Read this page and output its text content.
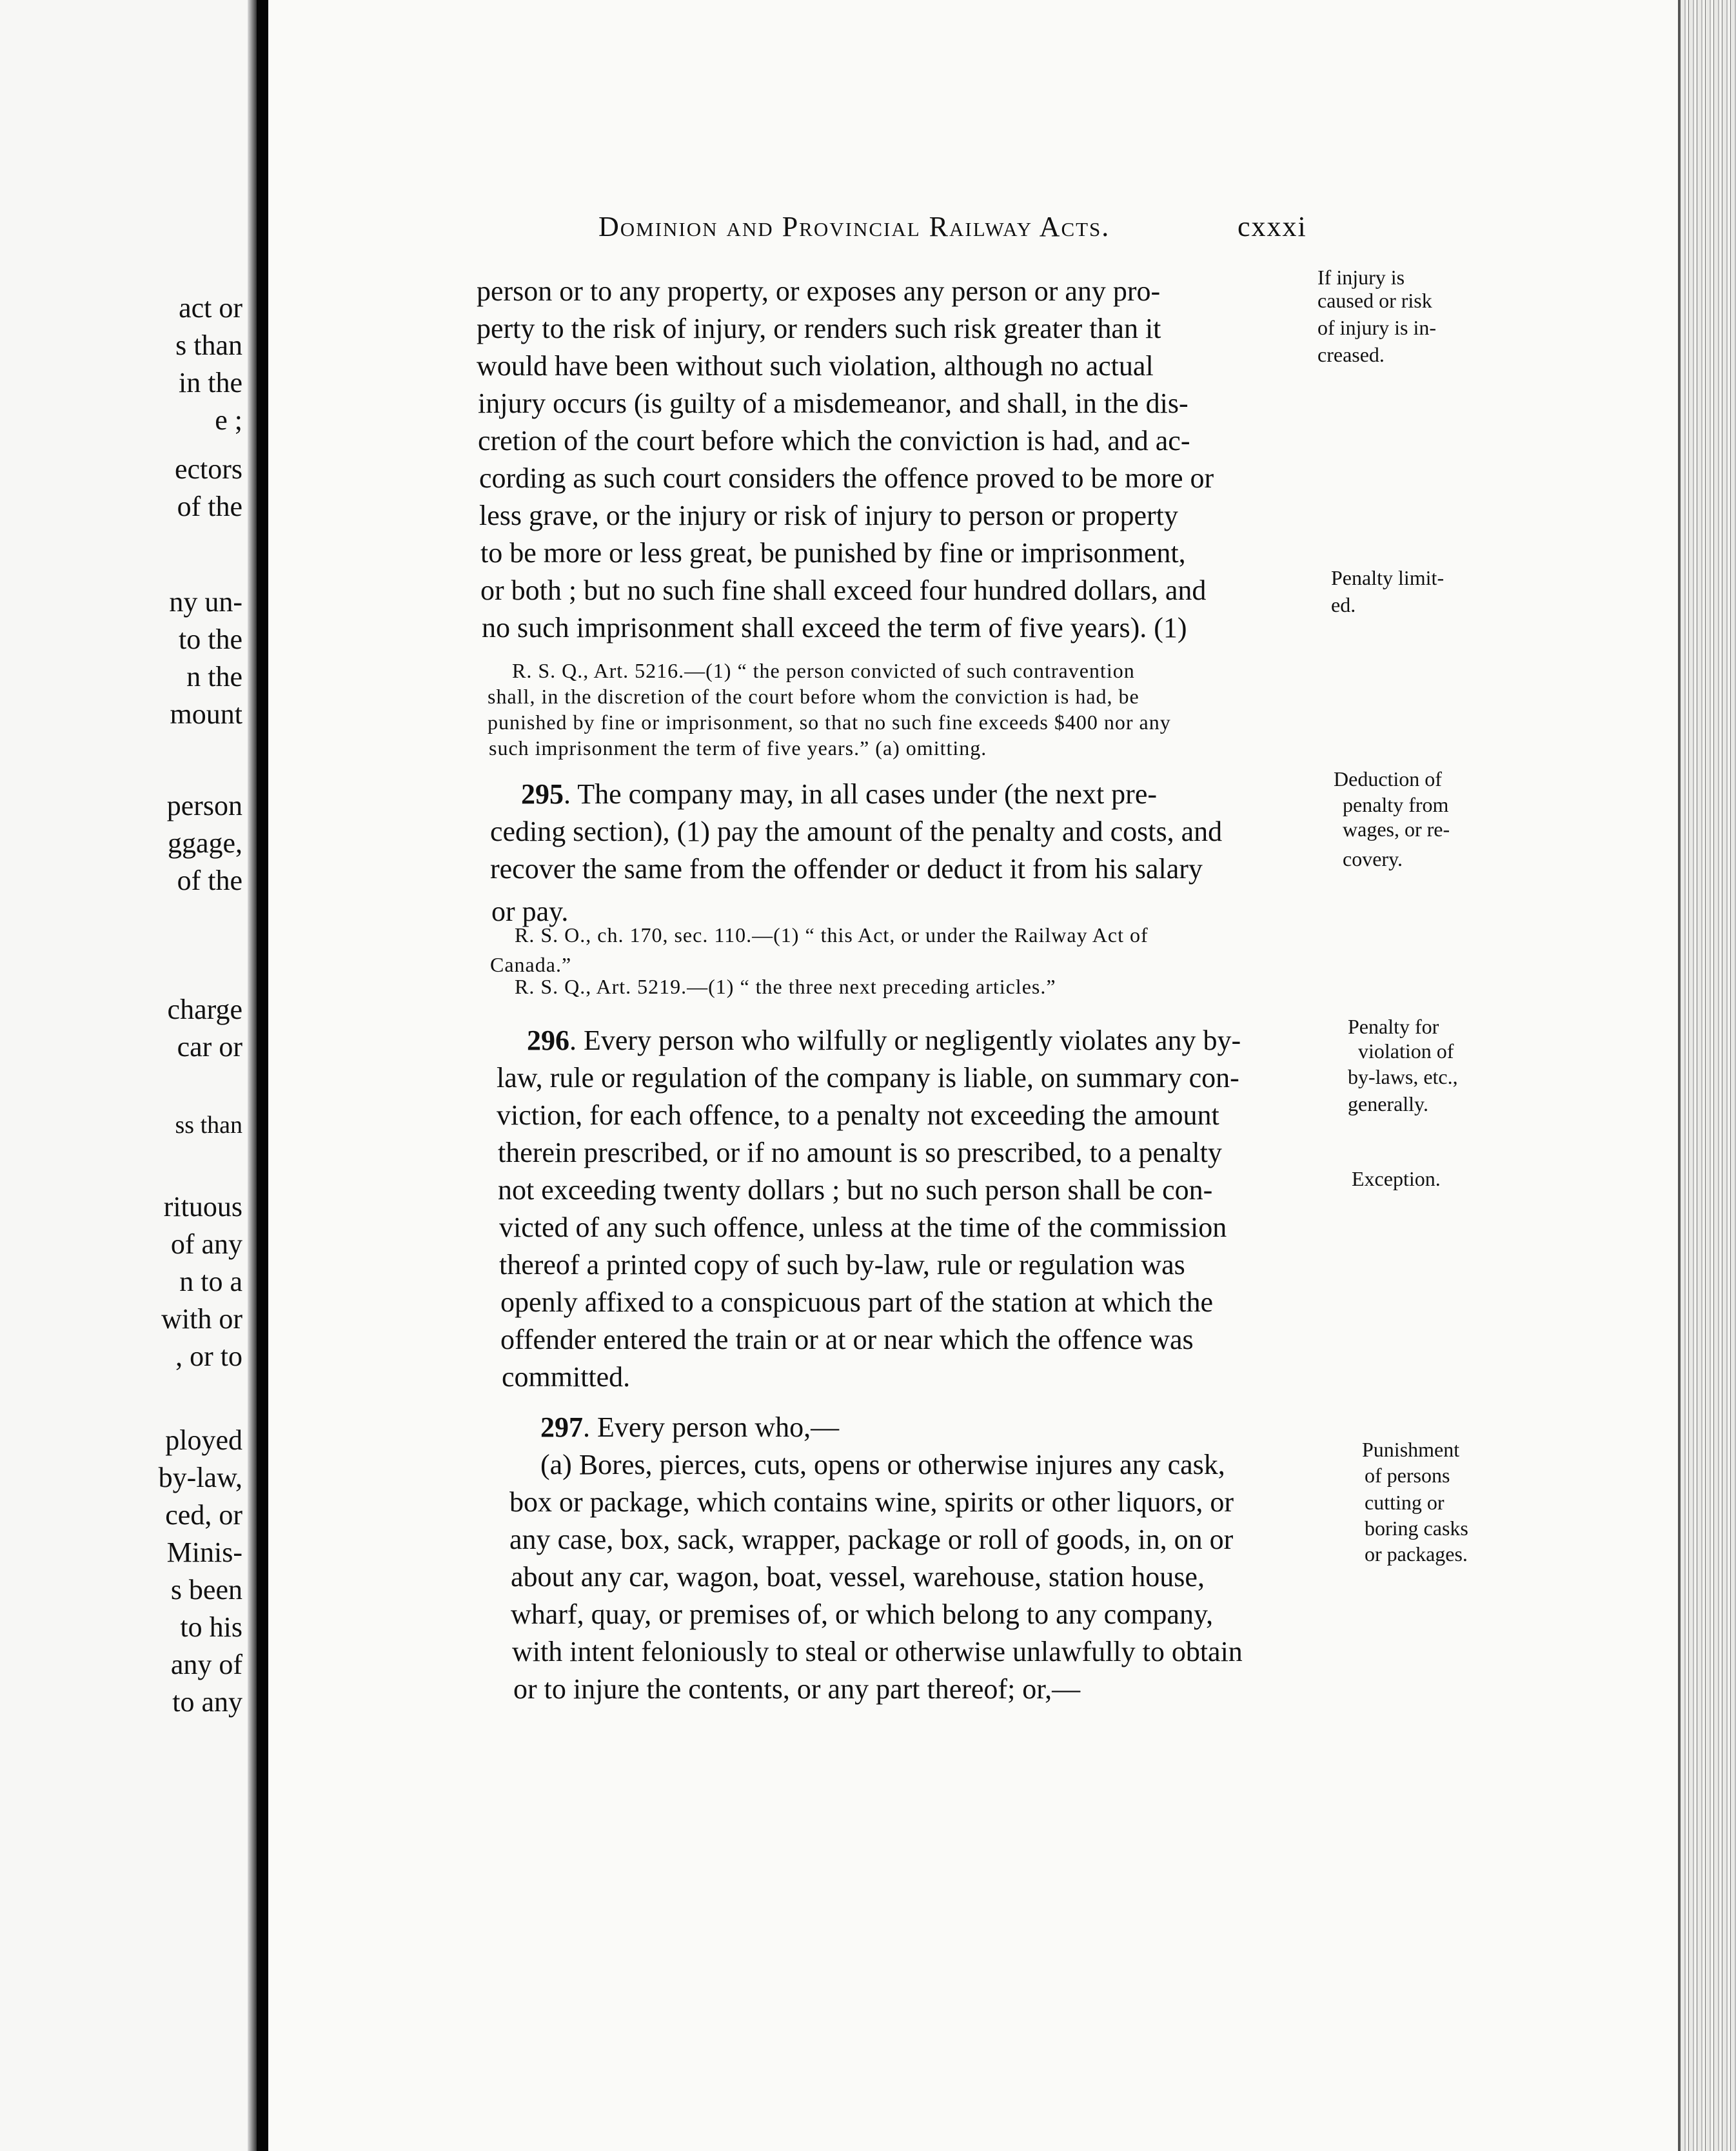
act or
s than
in the
e ;
ectors
of the
ny un-
to the
n the
mount
person
ggage,
of the
charge
car or
ss than
rituous
of any
n to a
with or
, or to
ployed
by-law,
ced, or
Minis-
s been
to his
any of
to any
Dominion and Provincial Railway Acts.	cxxxi
person or to any property, or exposes any person or any pro-
perty to the risk of injury, or renders such risk greater than it
would have been without such violation, although no actual
injury occurs (is guilty of a misdemeanor, and shall, in the dis-
cretion of the court before which the conviction is had, and ac-
cording as such court considers the offence proved to be more or
less grave, or the injury or risk of injury to person or property
to be more or less great, be punished by fine or imprisonment,
or both ; but no such fine shall exceed four hundred dollars, and
no such imprisonment shall exceed the term of five years). (1)
R. S. Q., Art. 5216.—(1) “ the person convicted of such contravention
shall, in the discretion of the court before whom the conviction is had, be
punished by fine or imprisonment, so that no such fine exceeds $400 nor any
such imprisonment the term of five years.” (a) omitting.
295. The company may, in all cases under (the next pre-
ceding section), (1) pay the amount of the penalty and costs, and
recover the same from the offender or deduct it from his salary
or pay.
R. S. O., ch. 170, sec. 110.—(1) “ this Act, or under the Railway Act of
Canada.”
R. S. Q., Art. 5219.—(1) “ the three next preceding articles.”
296. Every person who wilfully or negligently violates any by-
law, rule or regulation of the company is liable, on summary con-
viction, for each offence, to a penalty not exceeding the amount
therein prescribed, or if no amount is so prescribed, to a penalty
not exceeding twenty dollars ; but no such person shall be con-
victed of any such offence, unless at the time of the commission
thereof a printed copy of such by-law, rule or regulation was
openly affixed to a conspicuous part of the station at which the
offender entered the train or at or near which the offence was
committed.
297. Every person who,—
(a) Bores, pierces, cuts, opens or otherwise injures any cask,
box or package, which contains wine, spirits or other liquors, or
any case, box, sack, wrapper, package or roll of goods, in, on or
about any car, wagon, boat, vessel, warehouse, station house,
wharf, quay, or premises of, or which belong to any company,
with intent feloniously to steal or otherwise unlawfully to obtain
or to injure the contents, or any part thereof; or,—
If injury is
caused or risk
of injury is in-
creased.
Penalty limit-
ed.
Deduction of
penalty from
wages, or re-
covery.
Penalty for
violation of
by-laws, etc.,
generally.
Exception.
Punishment
of persons
cutting or
boring casks
or packages.
